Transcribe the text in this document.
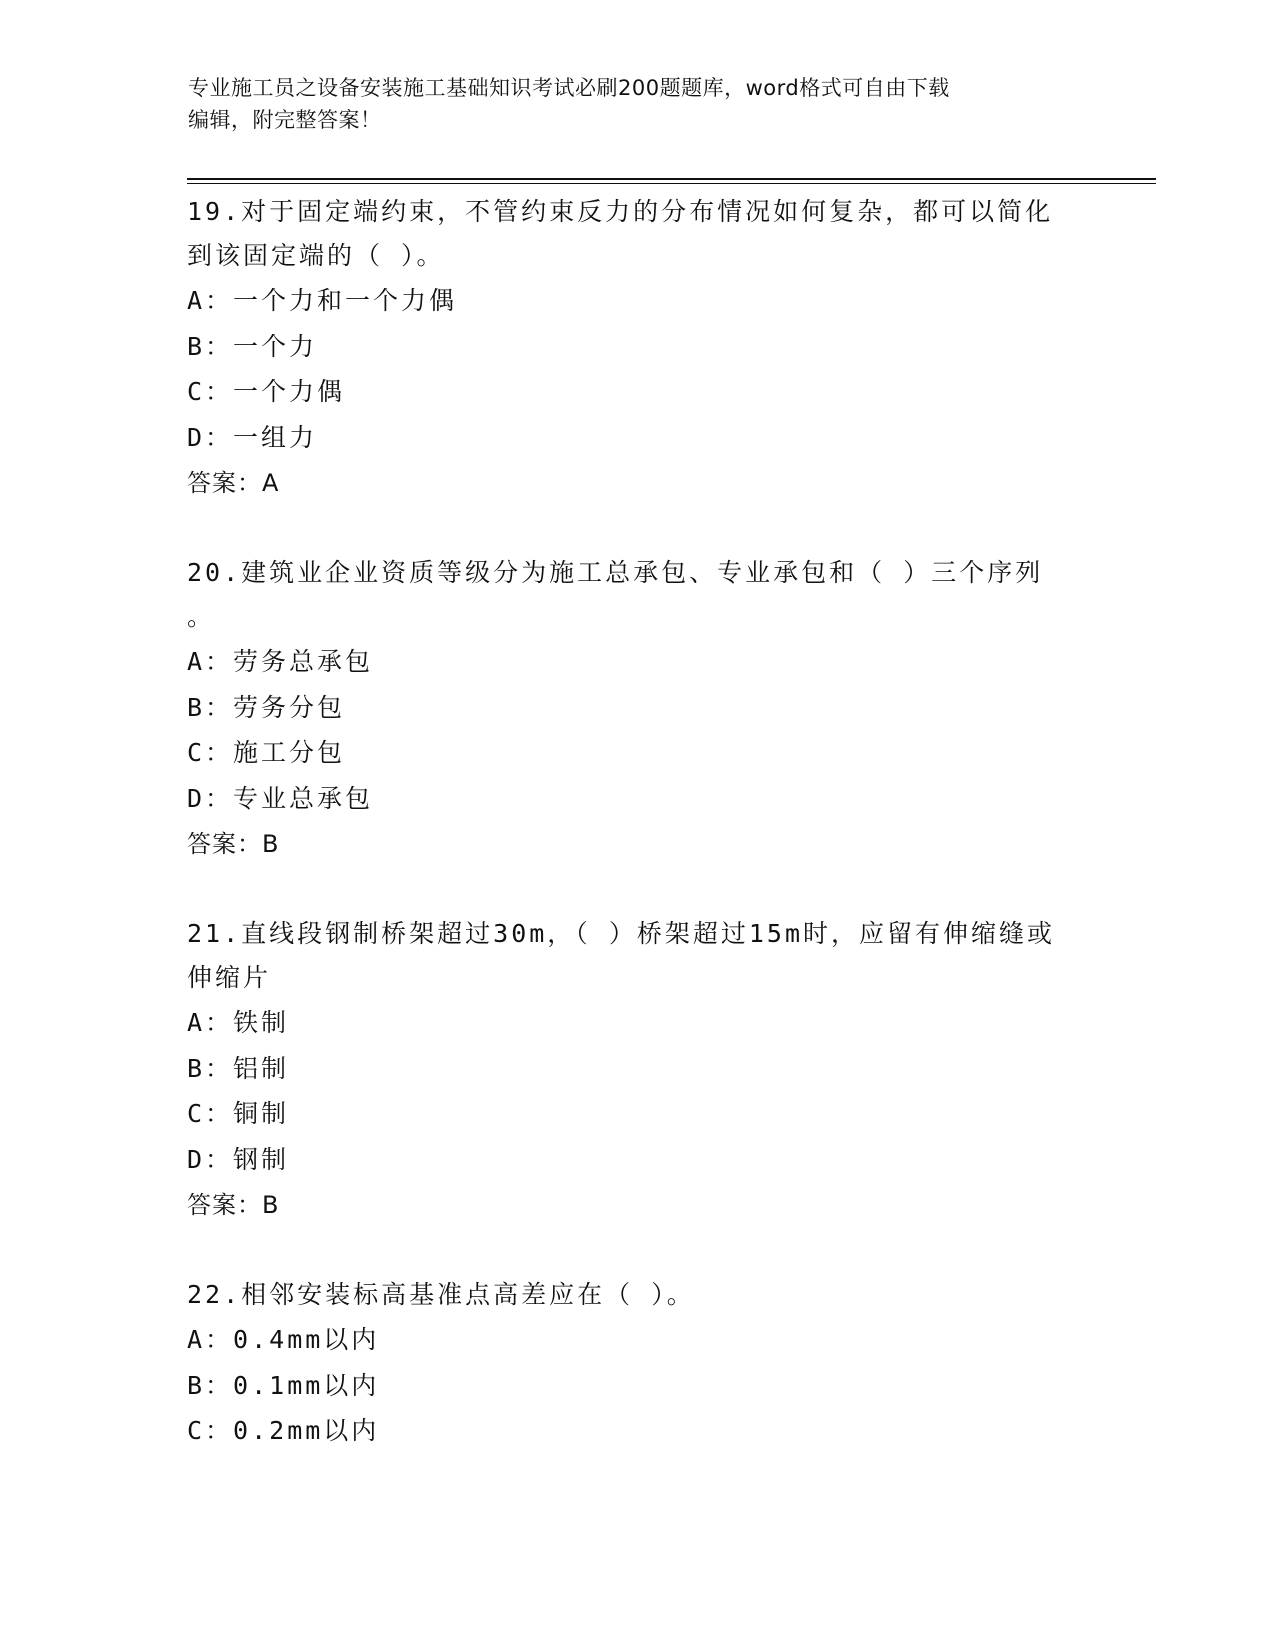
专业施工员之设备安装施工基础知识考试必刷200题题库，word格式可自由下载
编辑，附完整答案！

19.对于固定端约束，不管约束反力的分布情况如何复杂，都可以简化

到该固定端的（ ）。

A：一个力和一个力偶

B：一个力

C：一个力偶

D：一组力

答案：A

20.建筑业企业资质等级分为施工总承包、专业承包和（ ）三个序列

。

A：劳务总承包

B：劳务分包

C：施工分包

D：专业总承包

答案：B

21.直线段钢制桥架超过30m，（ ）桥架超过15m时，应留有伸缩缝或

伸缩片

A：铁制

B：铝制

C：铜制

D：钢制

答案：B

22.相邻安装标高基准点高差应在（ ）。

A：0.4mm以内

B：0.1mm以内

C：0.2mm以内
